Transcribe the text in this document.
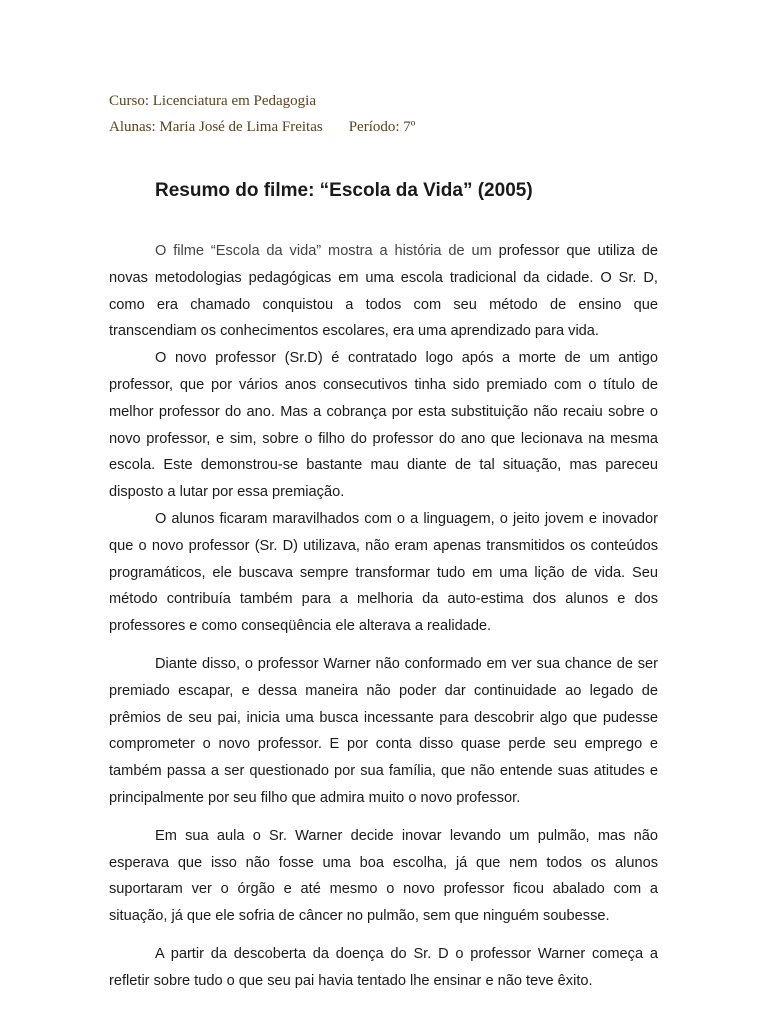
Curso: Licenciatura em Pedagogia
Alunas: Maria José de Lima Freitas Período: 7º
Resumo do filme: “Escola da Vida” (2005)

O filme “Escola da vida” mostra a história de um professor que utiliza de novas metodologias pedagógicas em uma escola tradicional da cidade. O Sr. D, como era chamado conquistou a todos com seu método de ensino que transcendiam os conhecimentos escolares, era uma aprendizado para vida.

O novo professor (Sr.D) é contratado logo após a morte de um antigo professor, que por vários anos consecutivos tinha sido premiado com o título de melhor professor do ano. Mas a cobrança por esta substituição não recaiu sobre o novo professor, e sim, sobre o filho do professor do ano que lecionava na mesma escola. Este demonstrou-se bastante mau diante de tal situação, mas pareceu disposto a lutar por essa premiação.

O alunos ficaram maravilhados com o a linguagem, o jeito jovem e inovador que o novo professor (Sr. D) utilizava, não eram apenas transmitidos os conteúdos programáticos, ele buscava sempre transformar tudo em uma lição de vida. Seu método contribuía também para a melhoria da auto-estima dos alunos e dos professores e como conseqüência ele alterava a realidade.

Diante disso, o professor Warner não conformado em ver sua chance de ser premiado escapar, e dessa maneira não poder dar continuidade ao legado de prêmios de seu pai, inicia uma busca incessante para descobrir algo que pudesse comprometer o novo professor. E por conta disso quase perde seu emprego e também passa a ser questionado por sua família, que não entende suas atitudes e principalmente por seu filho que admira muito o novo professor.

Em sua aula o Sr. Warner decide inovar levando um pulmão, mas não esperava que isso não fosse uma boa escolha, já que nem todos os alunos suportaram ver o órgão e até mesmo o novo professor ficou abalado com a situação, já que ele sofria de câncer no pulmão, sem que ninguém soubesse.

A partir da descoberta da doença do Sr. D o professor Warner começa a refletir sobre tudo o que seu pai havia tentado lhe ensinar e não teve êxito.
